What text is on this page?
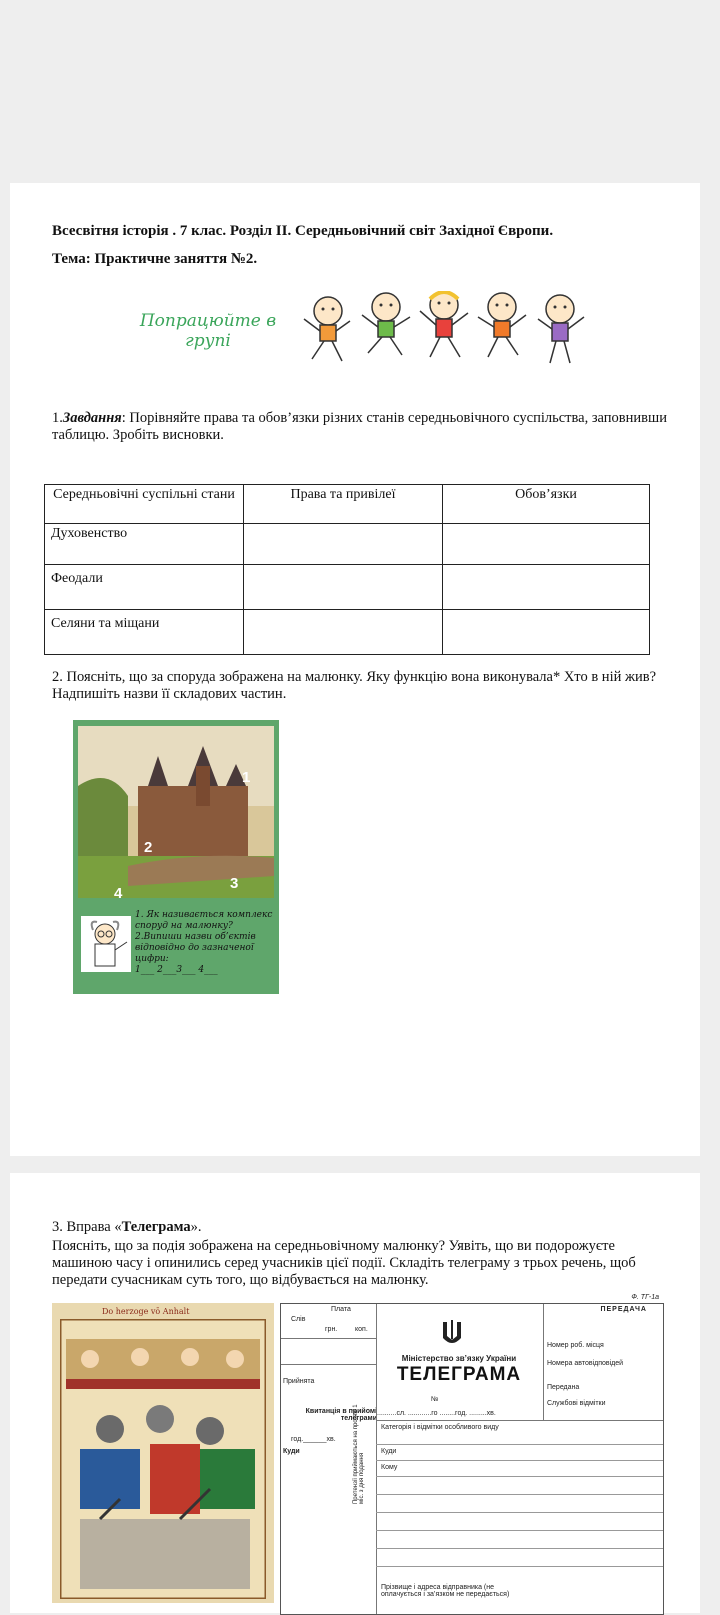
Всесвітня історія . 7 клас. Розділ ІІ. Середньовічний світ Західної Європи.
Тема: Практичне заняття №2.
Попрацюйте в
групі
1.Завдання: Порівняйте права та обов’язки різних станів середньовічного суспільства, заповнивши таблицю. Зробіть висновки.
Середньовічні суспільні стани	Права та привілеї	Обов’язки
Духовенство		
Феодали		
Селяни та міщани		
2. Поясніть, що за споруда зображена на малюнку. Яку функцію вона виконувала* Хто в ній жив? Надпишіть назви її складових частин.
1
2
3
4
1. Як називається комплекс споруд на малюнку?
2.Випиши назви об’єктів відповідно до зазначеної цифри:
1___ 2___3___ 4___
3. Вправа «Телеграма».
Поясніть, що за подія зображена на середньовічному малюнку? Уявіть, що ви подорожуєте машиною часу і опинились серед учасників цієї події. Складіть телеграму з трьох речень, щоб передати сучасникам суть того, що відбувається на малюнку.
Do herzoge vō Anhalt
Ф. ТГ-1а
ПЕРЕДАЧА
Слів
Плата
грн.	коп.
Прийнята
Квитанція в прийомі телеграми
год.______хв.
Куди
Міністерство зв’язку України
ТЕЛЕГРАМА
№
..........сл. ............го ........год. .........хв.
Категорія і відмітки особливого виду
Куди
Кому
Прізвище і адреса відправника (не оплачується і за’язком не передається)
Претензії приймаються на протязі 1 міс. з дня подання
Номер роб. місця
Номера автовідповідей
Передана
Службові відмітки
